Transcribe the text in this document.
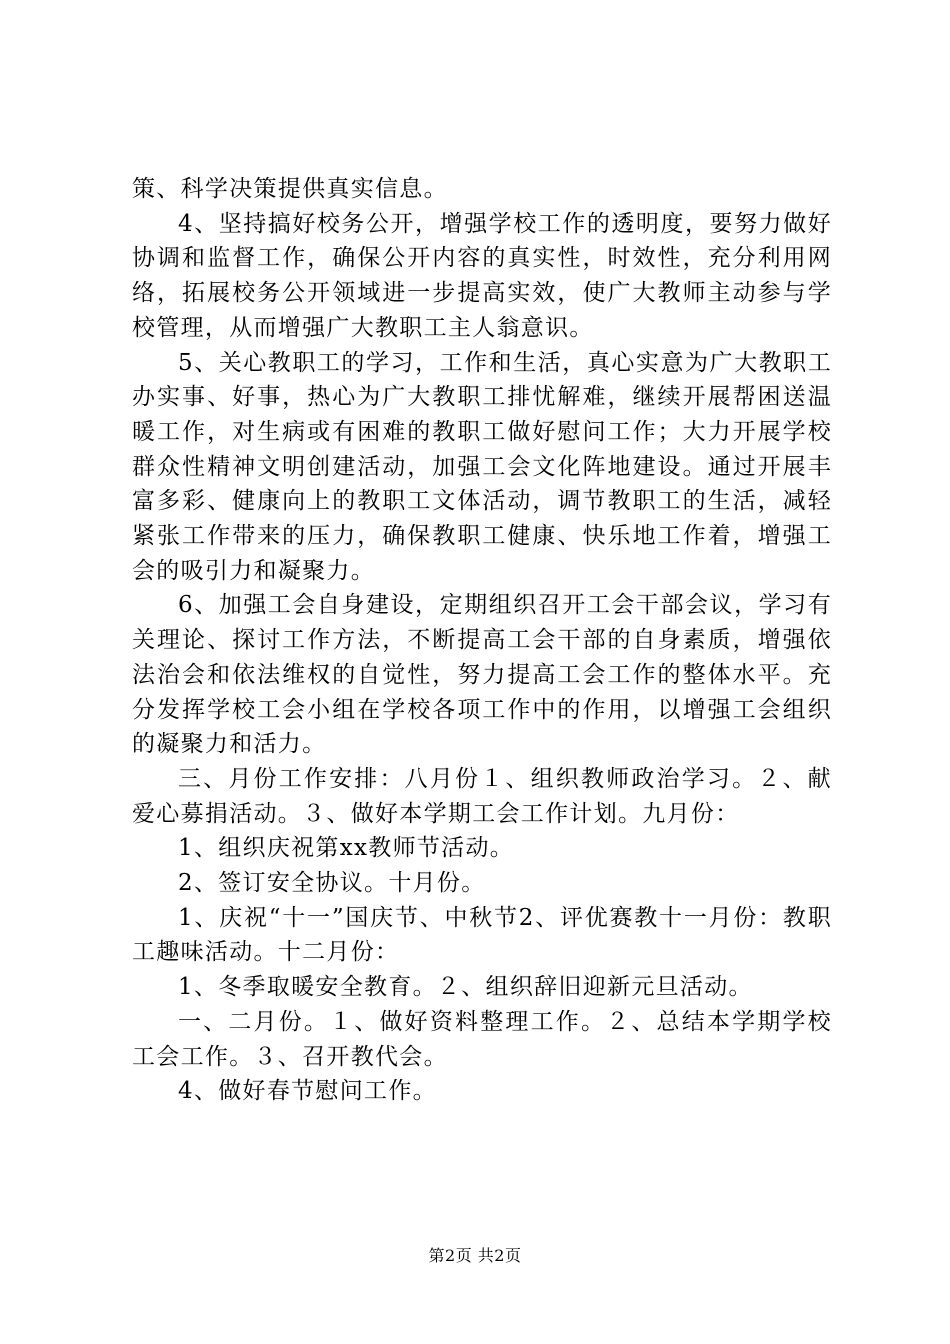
策、科学决策提供真实信息。

4、坚持搞好校务公开，增强学校工作的透明度，要努力做好协调和监督工作，确保公开内容的真实性，时效性，充分利用网络，拓展校务公开领域进一步提高实效，使广大教师主动参与学校管理，从而增强广大教职工主人翁意识。

5、关心教职工的学习，工作和生活，真心实意为广大教职工办实事、好事，热心为广大教职工排忧解难，继续开展帮困送温暖工作，对生病或有困难的教职工做好慰问工作；大力开展学校群众性精神文明创建活动，加强工会文化阵地建设。通过开展丰富多彩、健康向上的教职工文体活动，调节教职工的生活，减轻紧张工作带来的压力，确保教职工健康、快乐地工作着，增强工会的吸引力和凝聚力。

6、加强工会自身建设，定期组织召开工会干部会议，学习有关理论、探讨工作方法，不断提高工会干部的自身素质，增强依法治会和依法维权的自觉性，努力提高工会工作的整体水平。充分发挥学校工会小组在学校各项工作中的作用，以增强工会组织的凝聚力和活力。

三、月份工作安排：八月份１、组织教师政治学习。２、献爱心募捐活动。３、做好本学期工会工作计划。九月份：

1、组织庆祝第xx教师节活动。

2、签订安全协议。十月份。

1、庆祝“十一”国庆节、中秋节2、评优赛教十一月份：教职工趣味活动。十二月份：

1、冬季取暖安全教育。２、组织辞旧迎新元旦活动。

一、二月份。１、做好资料整理工作。２、总结本学期学校工会工作。３、召开教代会。

4、做好春节慰问工作。

第2页 共2页
